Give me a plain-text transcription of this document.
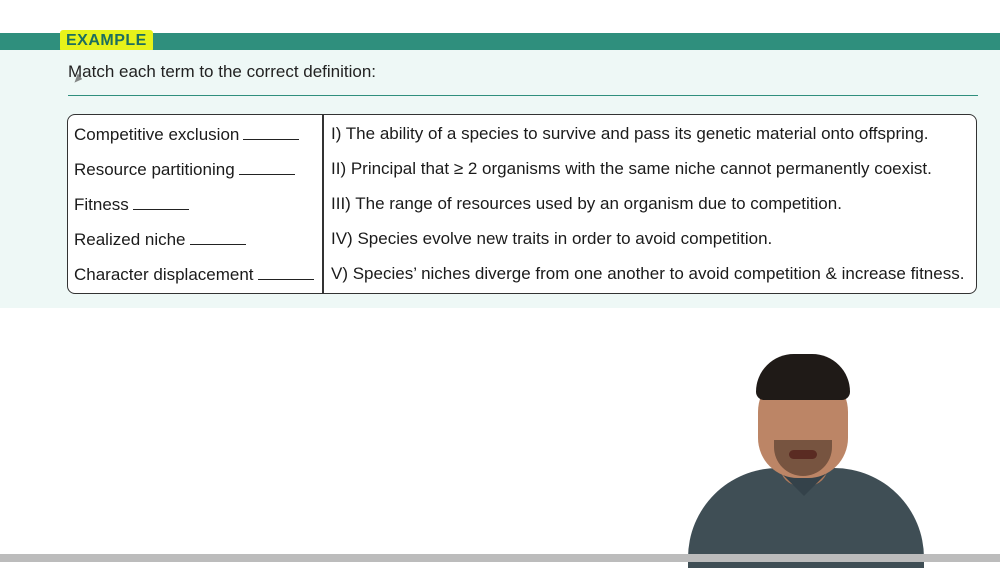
EXAMPLE
Match each term to the correct definition:
Competitive exclusion
Resource partitioning
Fitness
Realized niche
Character displacement
I) The ability of a species to survive and pass its genetic material onto offspring.
II) Principal that ≥ 2 organisms with the same niche cannot permanently coexist.
III) The range of resources used by an organism due to competition.
IV) Species evolve new traits in order to avoid competition.
V) Species’ niches diverge from one another to avoid competition & increase fitness.
